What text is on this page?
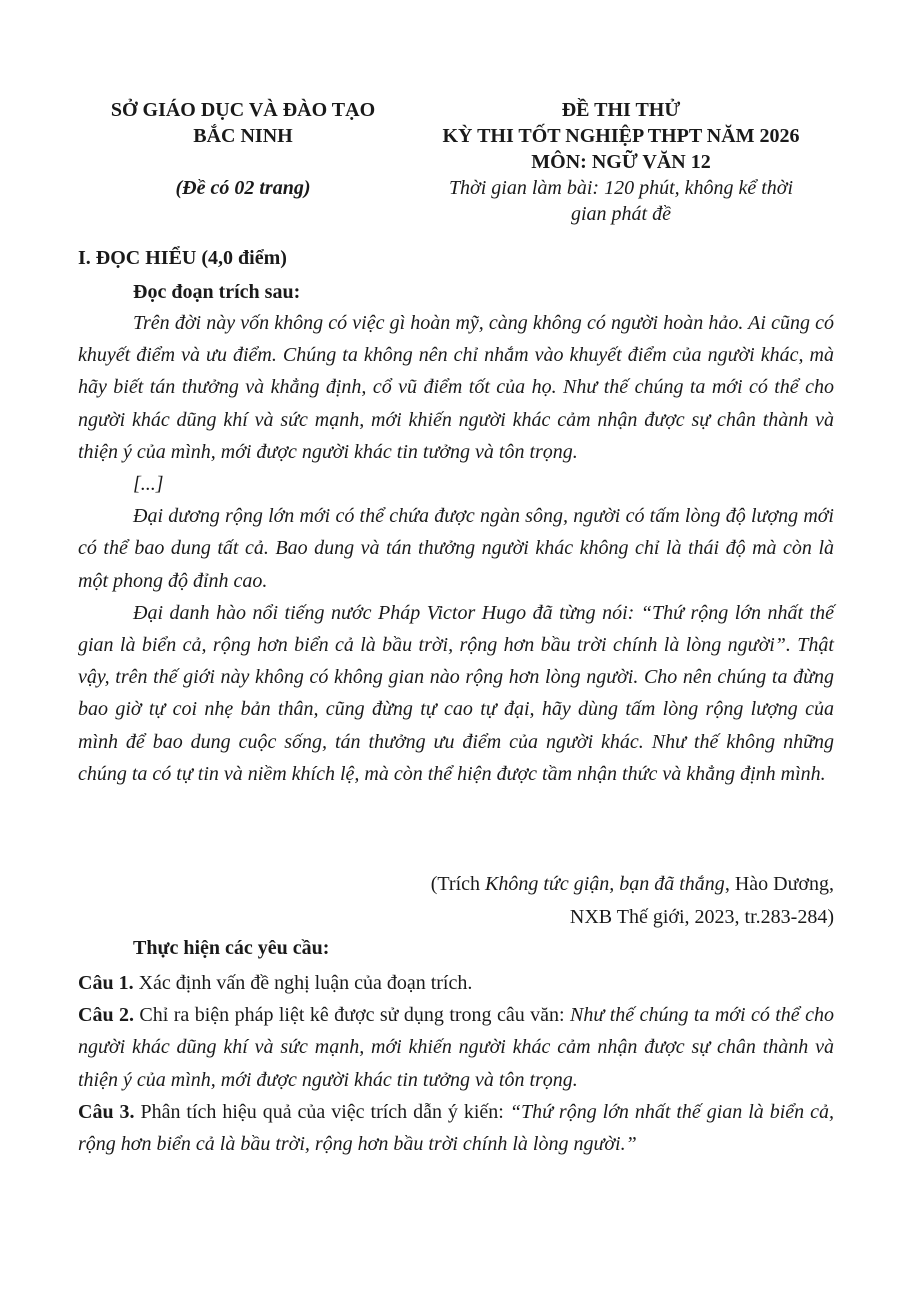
SỞ GIÁO DỤC VÀ ĐÀO TẠO
BẮC NINH
(Đề có 02 trang)
ĐỀ THI THỬ
KỲ THI TỐT NGHIỆP THPT NĂM 2026
MÔN: NGỮ VĂN 12
Thời gian làm bài: 120 phút, không kể thời
gian phát đề
I. ĐỌC HIỂU (4,0 điểm)
Đọc đoạn trích sau:

Trên đời này vốn không có việc gì hoàn mỹ, càng không có người hoàn hảo. Ai cũng có khuyết điểm và ưu điểm. Chúng ta không nên chỉ nhắm vào khuyết điểm của người khác, mà hãy biết tán thưởng và khẳng định, cổ vũ điểm tốt của họ. Như thế chúng ta mới có thể cho người khác dũng khí và sức mạnh, mới khiến người khác cảm nhận được sự chân thành và thiện ý của mình, mới được người khác tin tưởng và tôn trọng.

[...]

Đại dương rộng lớn mới có thể chứa được ngàn sông, người có tấm lòng độ lượng mới có thể bao dung tất cả. Bao dung và tán thưởng người khác không chỉ là thái độ mà còn là một phong độ đỉnh cao.

Đại danh hào nổi tiếng nước Pháp Victor Hugo đã từng nói: “Thứ rộng lớn nhất thế gian là biển cả, rộng hơn biển cả là bầu trời, rộng hơn bầu trời chính là lòng người”. Thật vậy, trên thế giới này không có không gian nào rộng hơn lòng người. Cho nên chúng ta đừng bao giờ tự coi nhẹ bản thân, cũng đừng tự cao tự đại, hãy dùng tấm lòng rộng lượng của mình để bao dung cuộc sống, tán thưởng ưu điểm của người khác. Như thế không những chúng ta có tự tin và niềm khích lệ, mà còn thể hiện được tầm nhận thức và khẳng định mình.

(Trích Không tức giận, bạn đã thắng, Hào Dương,
NXB Thế giới, 2023, tr.283-284)
Thực hiện các yêu cầu:

Câu 1. Xác định vấn đề nghị luận của đoạn trích.

Câu 2. Chỉ ra biện pháp liệt kê được sử dụng trong câu văn: Như thế chúng ta mới có thể cho người khác dũng khí và sức mạnh, mới khiến người khác cảm nhận được sự chân thành và thiện ý của mình, mới được người khác tin tưởng và tôn trọng.

Câu 3. Phân tích hiệu quả của việc trích dẫn ý kiến: “Thứ rộng lớn nhất thế gian là biển cả, rộng hơn biển cả là bầu trời, rộng hơn bầu trời chính là lòng người.”
